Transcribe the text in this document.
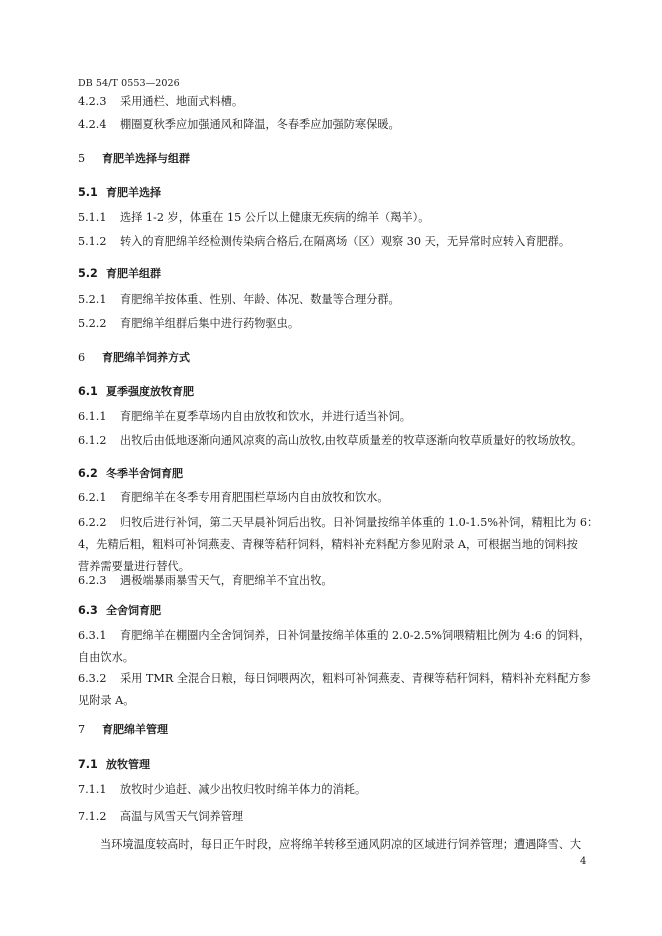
DB 54/T 0553—2026
4.2.3 采用通栏、地面式料槽。
4.2.4 棚圈夏秋季应加强通风和降温，冬春季应加强防寒保暖。
5 育肥羊选择与组群
5.1 育肥羊选择
5.1.1 选择 1-2 岁，体重在 15 公斤以上健康无疾病的绵羊（羯羊）。
5.1.2 转入的育肥绵羊经检测传染病合格后,在隔离场（区）观察 30 天，无异常时应转入育肥群。
5.2 育肥羊组群
5.2.1 育肥绵羊按体重、性别、年龄、体况、数量等合理分群。
5.2.2 育肥绵羊组群后集中进行药物驱虫。
6 育肥绵羊饲养方式
6.1 夏季强度放牧育肥
6.1.1 育肥绵羊在夏季草场内自由放牧和饮水，并进行适当补饲。
6.1.2 出牧后由低地逐渐向通风凉爽的高山放牧,由牧草质量差的牧草逐渐向牧草质量好的牧场放牧。
6.2 冬季半舍饲育肥
6.2.1 育肥绵羊在冬季专用育肥围栏草场内自由放牧和饮水。
6.2.2 归牧后进行补饲，第二天早晨补饲后出牧。日补饲量按绵羊体重的 1.0-1.5%补饲，精粗比为 6：
4，先精后粗，粗料可补饲燕麦、青稞等秸秆饲料，精料补充料配方参见附录 A，可根据当地的饲料按
营养需要量进行替代。
6.2.3 遇极端暴雨暴雪天气，育肥绵羊不宜出牧。
6.3 全舍饲育肥
6.3.1 育肥绵羊在棚圈内全舍饲饲养，日补饲量按绵羊体重的 2.0-2.5%饲喂精粗比例为 4:6 的饲料，
自由饮水。
6.3.2 采用 TMR 全混合日粮，每日饲喂两次，粗料可补饲燕麦、青稞等秸秆饲料，精料补充料配方参
见附录 A。
7 育肥绵羊管理
7.1 放牧管理
7.1.1 放牧时少追赶、减少出牧归牧时绵羊体力的消耗。
7.1.2 高温与风雪天气饲养管理
当环境温度较高时，每日正午时段，应将绵羊转移至通风阴凉的区域进行饲养管理；遭遇降雪、大
4
